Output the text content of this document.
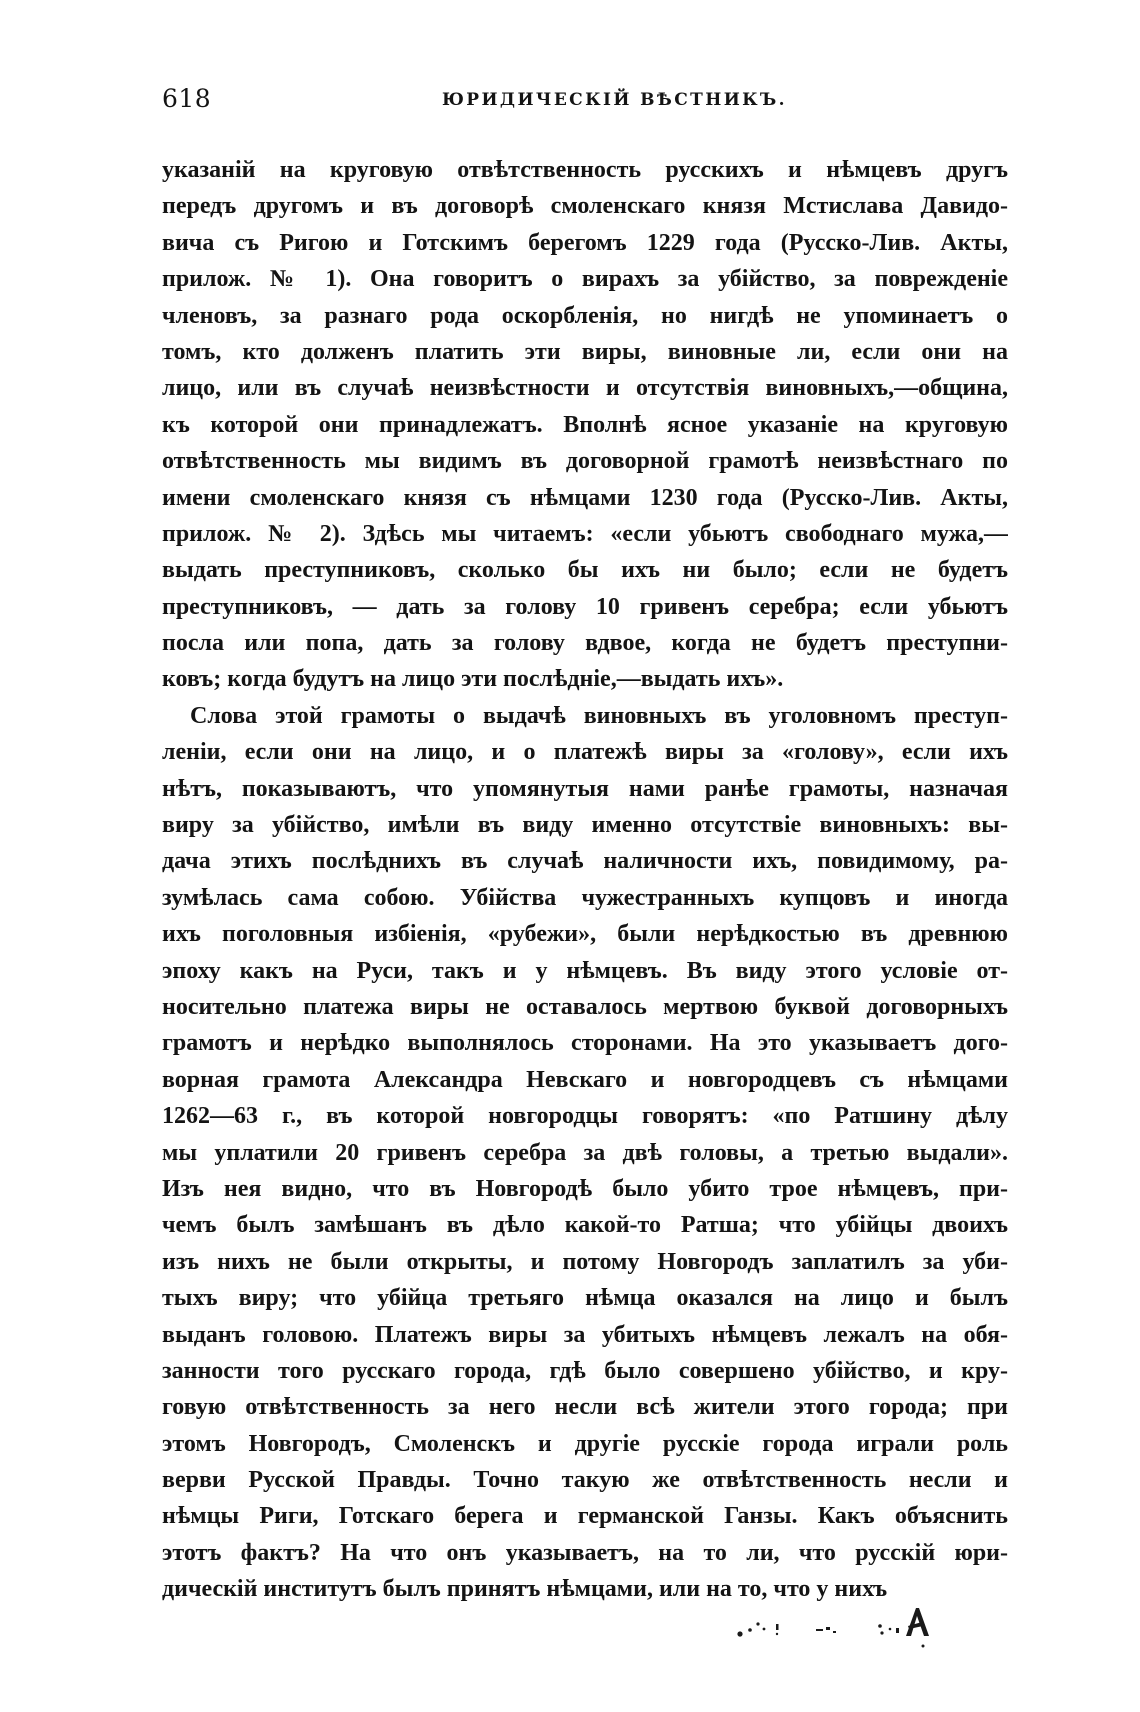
618	ЮРИДИЧЕСКІЙ ВѢСТНИКЪ.
указаній на круговую отвѣтственность русскихъ и нѣмцевъ другъ
передъ другомъ и въ договорѣ смоленскаго князя Мстислава Давидо-
вича съ Ригою и Готскимъ берегомъ 1229 года (Русско-Лив. Акты,
прилож. № 1). Она говоритъ о вирахъ за убійство, за поврежденіе
членовъ, за разнаго рода оскорбленія, но нигдѣ не упоминаетъ о
томъ, кто долженъ платить эти виры, виновные ли, если они на
лицо, или въ случаѣ неизвѣстности и отсутствія виновныхъ,—община,
къ которой они принадлежатъ. Вполнѣ ясное указаніе на круговую
отвѣтственность мы видимъ въ договорной грамотѣ неизвѣстнаго по
имени смоленскаго князя съ нѣмцами 1230 года (Русско-Лив. Акты,
прилож. № 2). Здѣсь мы читаемъ: «если убьютъ свободнаго мужа,—
выдать преступниковъ, сколько бы ихъ ни было; если не будетъ
преступниковъ, — дать за голову 10 гривенъ серебра; если убьютъ
посла или попа, дать за голову вдвое, когда не будетъ преступни-
ковъ; когда будутъ на лицо эти послѣдніе,—выдать ихъ».
Слова этой грамоты о выдачѣ виновныхъ въ уголовномъ преступ-
леніи, если они на лицо, и о платежѣ виры за «голову», если ихъ
нѣтъ, показываютъ, что упомянутыя нами ранѣе грамоты, назначая
виру за убійство, имѣли въ виду именно отсутствіе виновныхъ: вы-
дача этихъ послѣднихъ въ случаѣ наличности ихъ, повидимому, ра-
зумѣлась сама собою. Убійства чужестранныхъ купцовъ и иногда
ихъ поголовныя избіенія, «рубежи», были нерѣдкостью въ древнюю
эпоху какъ на Руси, такъ и у нѣмцевъ. Въ виду этого условіе от-
носительно платежа виры не оставалось мертвою буквой договорныхъ
грамотъ и нерѣдко выполнялось сторонами. На это указываетъ дого-
ворная грамота Александра Невскаго и новгородцевъ съ нѣмцами
1262—63 г., въ которой новгородцы говорятъ: «по Ратшину дѣлу
мы уплатили 20 гривенъ серебра за двѣ головы, а третью выдали».
Изъ нея видно, что въ Новгородѣ было убито трое нѣмцевъ, при-
чемъ былъ замѣшанъ въ дѣло какой-то Ратша; что убійцы двоихъ
изъ нихъ не были открыты, и потому Новгородъ заплатилъ за уби-
тыхъ виру; что убійца третьяго нѣмца оказался на лицо и былъ
выданъ головою. Платежъ виры за убитыхъ нѣмцевъ лежалъ на обя-
занности того русскаго города, гдѣ было совершено убійство, и кру-
говую отвѣтственность за него несли всѣ жители этого города; при
этомъ Новгородъ, Смоленскъ и другіе русскіе города играли роль
верви Русской Правды. Точно такую же отвѣтственность несли и
нѣмцы Риги, Готскаго берега и германской Ганзы. Какъ объяснить
этотъ фактъ? На что онъ указываетъ, на то ли, что русскій юри-
дическій институтъ былъ принятъ нѣмцами, или на то, что у нихъ
...
